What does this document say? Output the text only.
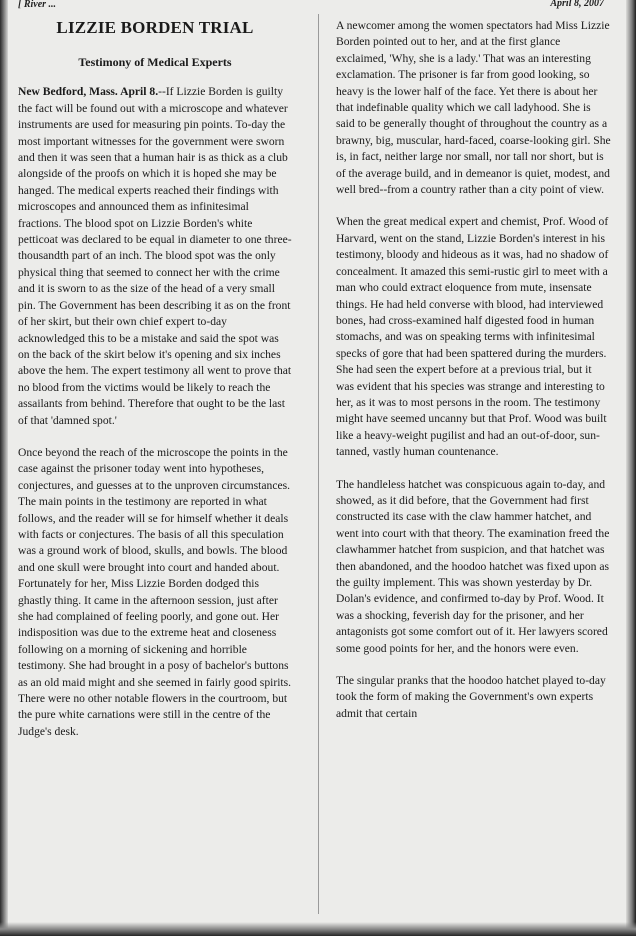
[ River ...	April 8, 2007
LIZZIE BORDEN TRIAL
Testimony of Medical Experts

New Bedford, Mass. April 8.--If Lizzie Borden is guilty the fact will be found out with a microscope and whatever instruments are used for measuring pin points. To-day the most important witnesses for the government were sworn and then it was seen that a human hair is as thick as a club alongside of the proofs on which it is hoped she may be hanged. The medical experts reached their findings with microscopes and announced them as infinitesimal fractions. The blood spot on Lizzie Borden's white petticoat was declared to be equal in diameter to one three-thousandth part of an inch. The blood spot was the only physical thing that seemed to connect her with the crime and it is sworn to as the size of the head of a very small pin. The Government has been describing it as on the front of her skirt, but their own chief expert to-day acknowledged this to be a mistake and said the spot was on the back of the skirt below it's opening and six inches above the hem. The expert testimony all went to prove that no blood from the victims would be likely to reach the assailants from behind. Therefore that ought to be the last of that 'damned spot.'

Once beyond the reach of the microscope the points in the case against the prisoner today went into hypotheses, conjectures, and guesses at to the unproven circumstances. The main points in the testimony are reported in what follows, and the reader will se for himself whether it deals with facts or conjectures. The basis of all this speculation was a ground work of blood, skulls, and bowls. The blood and one skull were brought into court and handed about. Fortunately for her, Miss Lizzie Borden dodged this ghastly thing. It came in the afternoon session, just after she had complained of feeling poorly, and gone out. Her indisposition was due to the extreme heat and closeness following on a morning of sickening and horrible testimony. She had brought in a posy of bachelor's buttons as an old maid might and she seemed in fairly good spirits. There were no other notable flowers in the courtroom, but the pure white carnations were still in the centre of the Judge's desk.

A newcomer among the women spectators had Miss Lizzie Borden pointed out to her, and at the first glance exclaimed, 'Why, she is a lady.' That was an interesting exclamation. The prisoner is far from good looking, so heavy is the lower half of the face. Yet there is about her that indefinable quality which we call ladyhood. She is said to be generally thought of throughout the country as a brawny, big, muscular, hard-faced, coarse-looking girl. She is, in fact, neither large nor small, nor tall nor short, but is of the average build, and in demeanor is quiet, modest, and well bred--from a country rather than a city point of view.

When the great medical expert and chemist, Prof. Wood of Harvard, went on the stand, Lizzie Borden's interest in his testimony, bloody and hideous as it was, had no shadow of concealment. It amazed this semi-rustic girl to meet with a man who could extract eloquence from mute, insensate things. He had held converse with blood, had interviewed bones, had cross-examined half digested food in human stomachs, and was on speaking terms with infinitesimal specks of gore that had been spattered during the murders. She had seen the expert before at a previous trial, but it was evident that his species was strange and interesting to her, as it was to most persons in the room. The testimony might have seemed uncanny but that Prof. Wood was built like a heavy-weight pugilist and had an out-of-door, sun-tanned, vastly human countenance.

The handleless hatchet was conspicuous again to-day, and showed, as it did before, that the Government had first constructed its case with the claw hammer hatchet, and went into court with that theory. The examination freed the clawhammer hatchet from suspicion, and that hatchet was then abandoned, and the hoodoo hatchet was fixed upon as the guilty implement. This was shown yesterday by Dr. Dolan's evidence, and confirmed to-day by Prof. Wood. It was a shocking, feverish day for the prisoner, and her antagonists got some comfort out of it. Her lawyers scored some good points for her, and the honors were even.

The singular pranks that the hoodoo hatchet played to-day took the form of making the Government's own experts admit that certain
